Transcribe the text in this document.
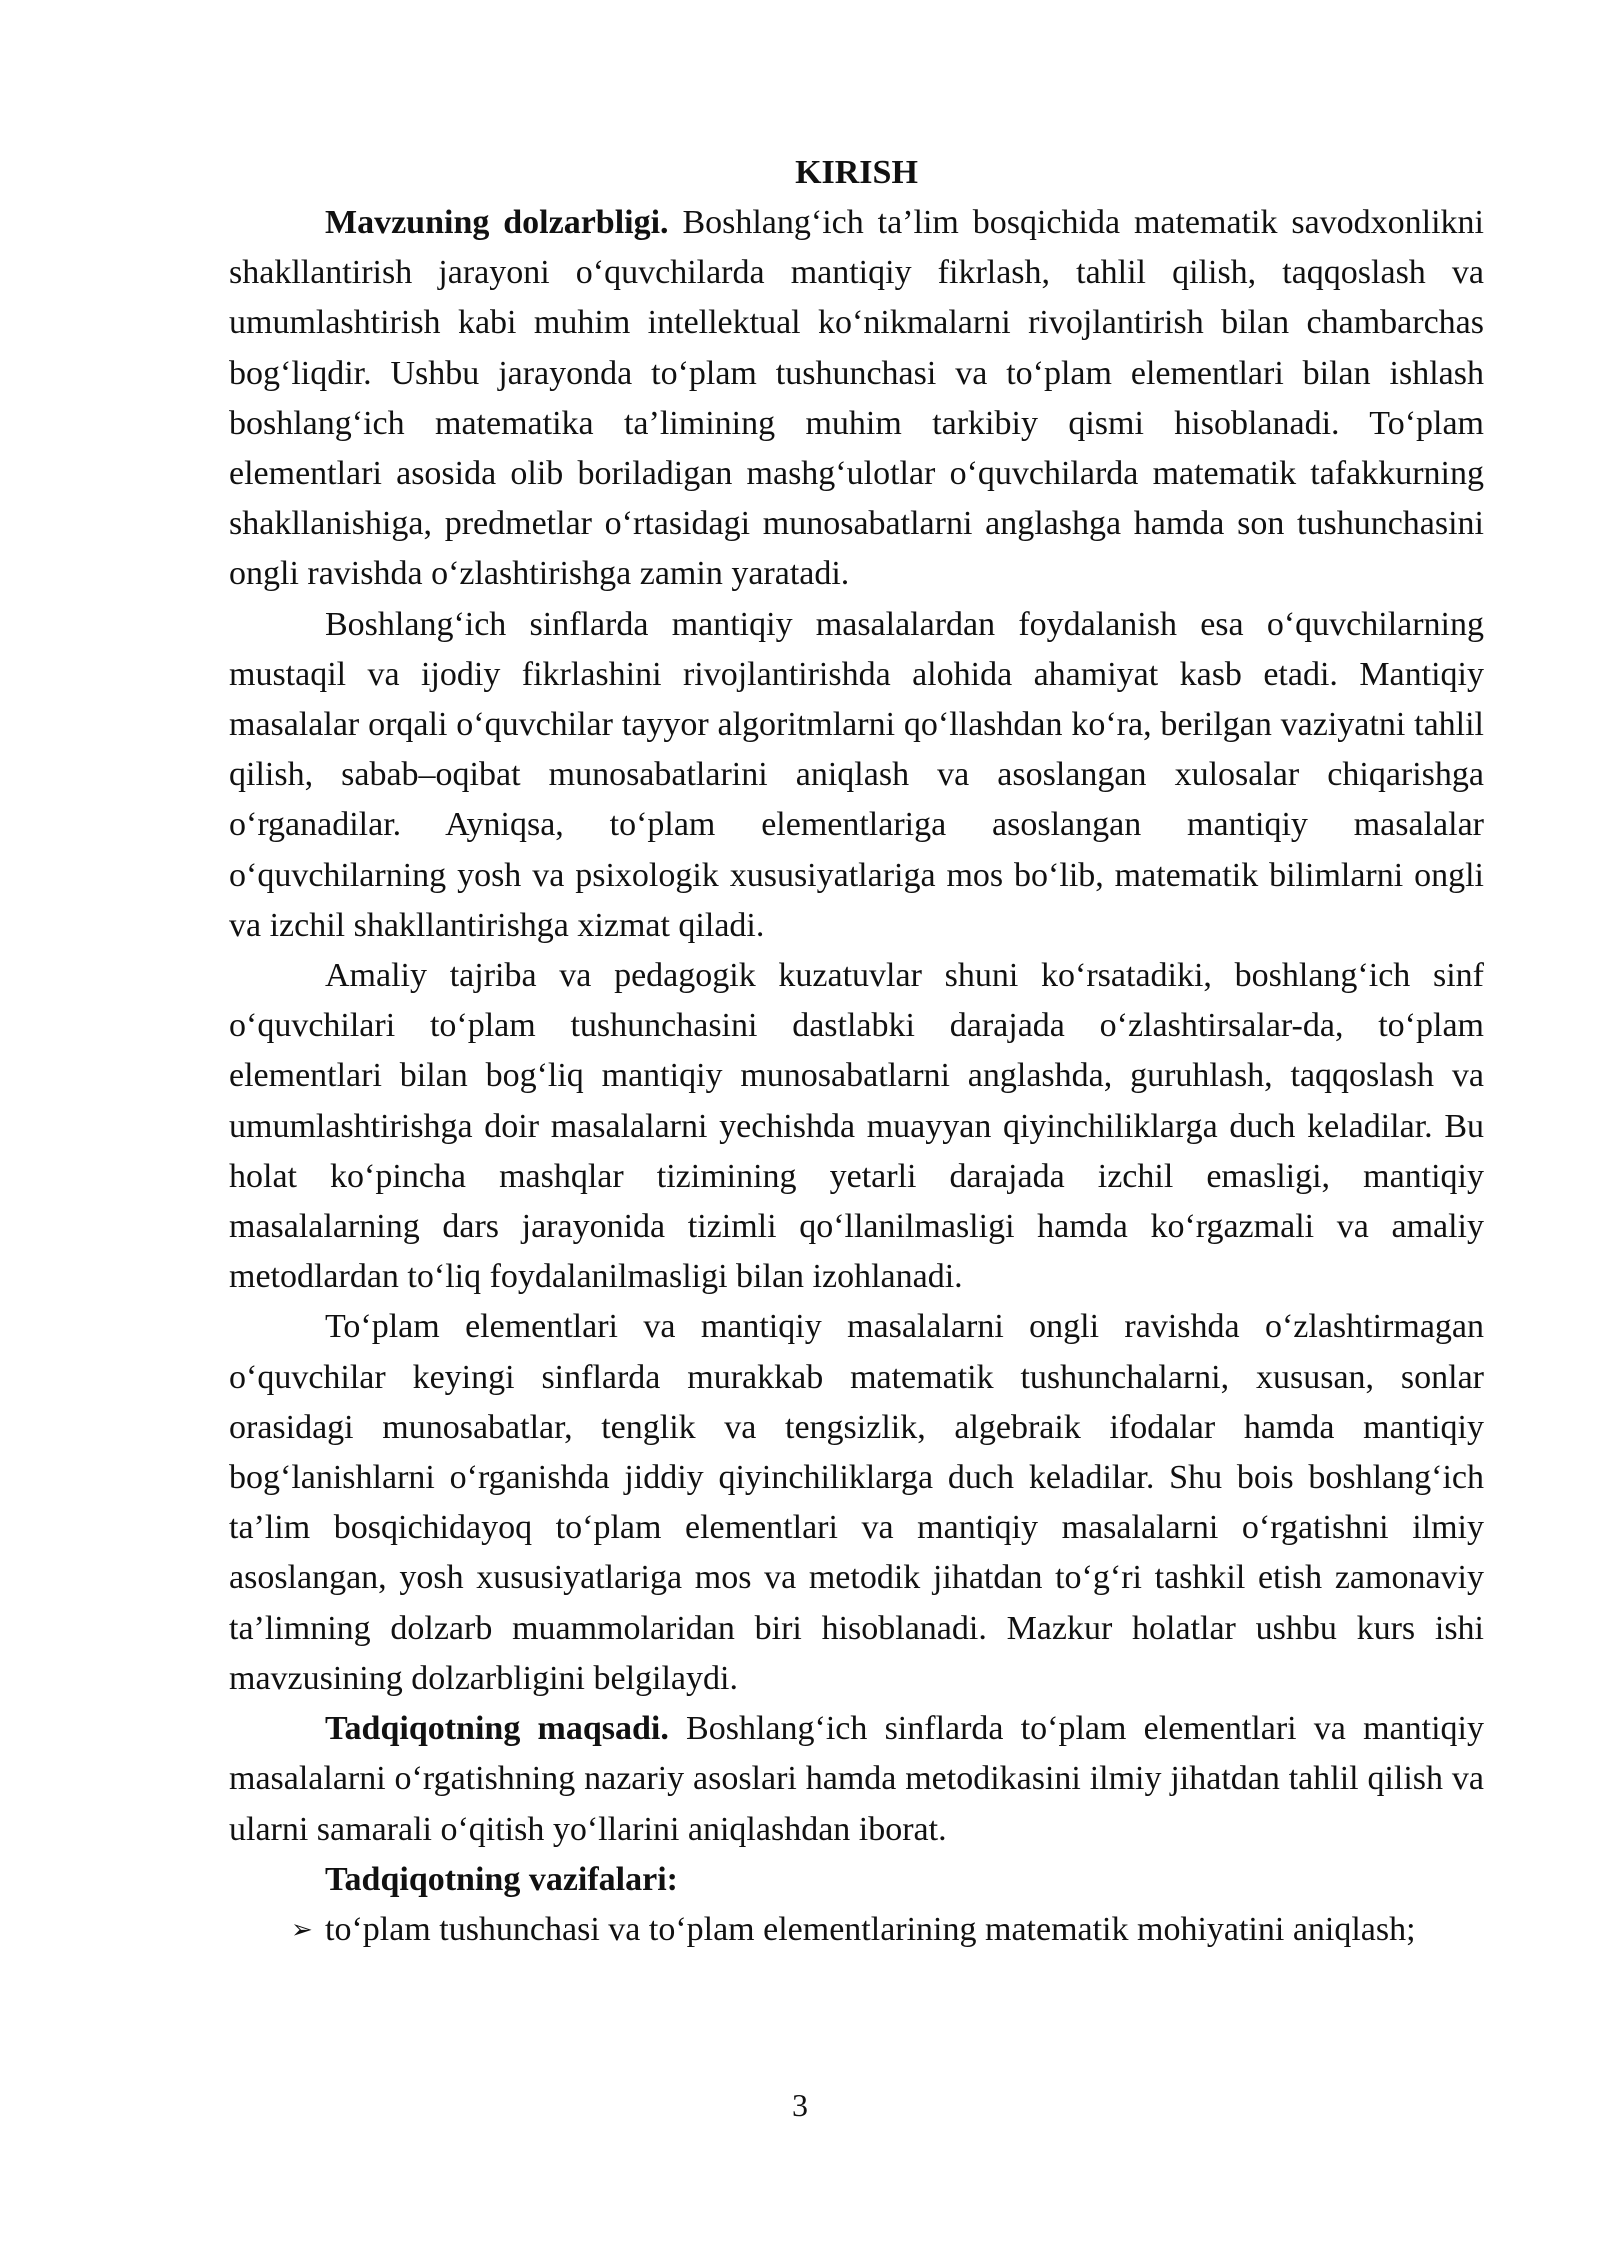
KIRISH

Mavzuning dolzarbligi. Boshlang‘ich ta’lim bosqichida matematik savodxonlikni shakllantirish jarayoni o‘quvchilarda mantiqiy fikrlash, tahlil qilish, taqqoslash va umumlashtirish kabi muhim intellektual ko‘nikmalarni rivojlantirish bilan chambarchas bog‘liqdir. Ushbu jarayonda to‘plam tushunchasi va to‘plam elementlari bilan ishlash boshlang‘ich matematika ta’limining muhim tarkibiy qismi hisoblanadi. To‘plam elementlari asosida olib boriladigan mashg‘ulotlar o‘quvchilarda matematik tafakkurning shakllanishiga, predmetlar o‘rtasidagi munosabatlarni anglashga hamda son tushunchasini ongli ravishda o‘zlashtirishga zamin yaratadi.

Boshlang‘ich sinflarda mantiqiy masalalardan foydalanish esa o‘quvchilarning mustaqil va ijodiy fikrlashini rivojlantirishda alohida ahamiyat kasb etadi. Mantiqiy masalalar orqali o‘quvchilar tayyor algoritmlarni qo‘llashdan ko‘ra, berilgan vaziyatni tahlil qilish, sabab–oqibat munosabatlarini aniqlash va asoslangan xulosalar chiqarishga o‘rganadilar. Ayniqsa, to‘plam elementlariga asoslangan mantiqiy masalalar o‘quvchilarning yosh va psixologik xususiyatlariga mos bo‘lib, matematik bilimlarni ongli va izchil shakllantirishga xizmat qiladi.

Amaliy tajriba va pedagogik kuzatuvlar shuni ko‘rsatadiki, boshlang‘ich sinf o‘quvchilari to‘plam tushunchasini dastlabki darajada o‘zlashtirsalar-da, to‘plam elementlari bilan bog‘liq mantiqiy munosabatlarni anglashda, guruhlash, taqqoslash va umumlashtirishga doir masalalarni yechishda muayyan qiyinchiliklarga duch keladilar. Bu holat ko‘pincha mashqlar tizimining yetarli darajada izchil emasligi, mantiqiy masalalarning dars jarayonida tizimli qo‘llanilmasligi hamda ko‘rgazmali va amaliy metodlardan to‘liq foydalanilmasligi bilan izohlanadi.

To‘plam elementlari va mantiqiy masalalarni ongli ravishda o‘zlashtirmagan o‘quvchilar keyingi sinflarda murakkab matematik tushunchalarni, xususan, sonlar orasidagi munosabatlar, tenglik va tengsizlik, algebraik ifodalar hamda mantiqiy bog‘lanishlarni o‘rganishda jiddiy qiyinchiliklarga duch keladilar. Shu bois boshlang‘ich ta’lim bosqichidayoq to‘plam elementlari va mantiqiy masalalarni o‘rgatishni ilmiy asoslangan, yosh xususiyatlariga mos va metodik jihatdan to‘g‘ri tashkil etish zamonaviy ta’limning dolzarb muammolaridan biri hisoblanadi. Mazkur holatlar ushbu kurs ishi mavzusining dolzarbligini belgilaydi.

Tadqiqotning maqsadi. Boshlang‘ich sinflarda to‘plam elementlari va mantiqiy masalalarni o‘rgatishning nazariy asoslari hamda metodikasini ilmiy jihatdan tahlil qilish va ularni samarali o‘qitish yo‘llarini aniqlashdan iborat.

Tadqiqotning vazifalari:
➢ to‘plam tushunchasi va to‘plam elementlarining matematik mohiyatini aniqlash;
3
